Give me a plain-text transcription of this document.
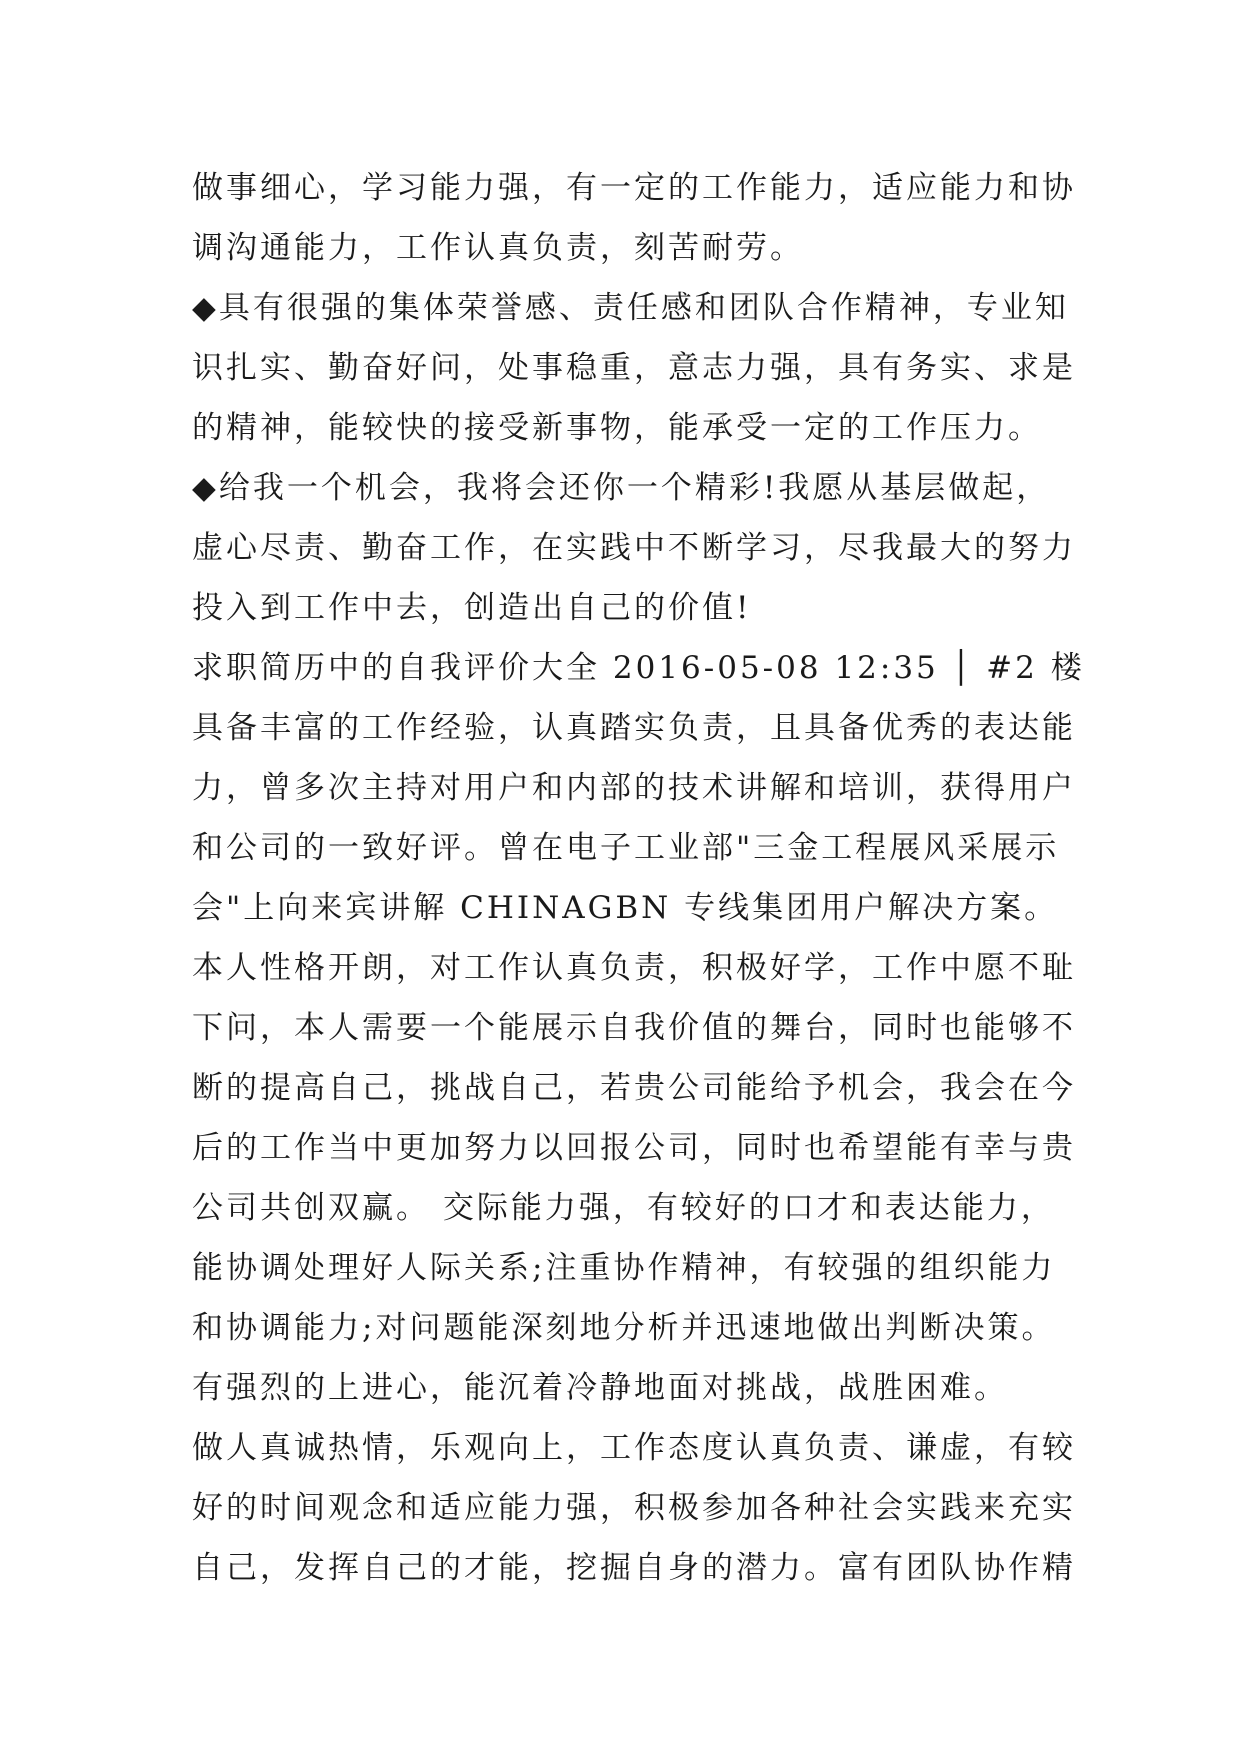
做事细心，学习能力强，有一定的工作能力，适应能力和协
调沟通能力，工作认真负责，刻苦耐劳。
◆具有很强的集体荣誉感、责任感和团队合作精神，专业知
识扎实、勤奋好问，处事稳重，意志力强，具有务实、求是
的精神，能较快的接受新事物，能承受一定的工作压力。
◆给我一个机会，我将会还你一个精彩!我愿从基层做起，
虚心尽责、勤奋工作，在实践中不断学习，尽我最大的努力
投入到工作中去，创造出自己的价值!
求职简历中的自我评价大全 2016-05-08 12:35 │ #2 楼
具备丰富的工作经验，认真踏实负责，且具备优秀的表达能
力，曾多次主持对用户和内部的技术讲解和培训，获得用户
和公司的一致好评。曾在电子工业部"三金工程展风采展示
会"上向来宾讲解 CHINAGBN 专线集团用户解决方案。
本人性格开朗，对工作认真负责，积极好学，工作中愿不耻
下问，本人需要一个能展示自我价值的舞台，同时也能够不
断的提高自己，挑战自己，若贵公司能给予机会，我会在今
后的工作当中更加努力以回报公司，同时也希望能有幸与贵
公司共创双赢。 交际能力强，有较好的口才和表达能力，
能协调处理好人际关系;注重协作精神，有较强的组织能力
和协调能力;对问题能深刻地分析并迅速地做出判断决策。
有强烈的上进心，能沉着冷静地面对挑战，战胜困难。
做人真诚热情，乐观向上，工作态度认真负责、谦虚，有较
好的时间观念和适应能力强，积极参加各种社会实践来充实
自己，发挥自己的才能，挖掘自身的潜力。富有团队协作精
